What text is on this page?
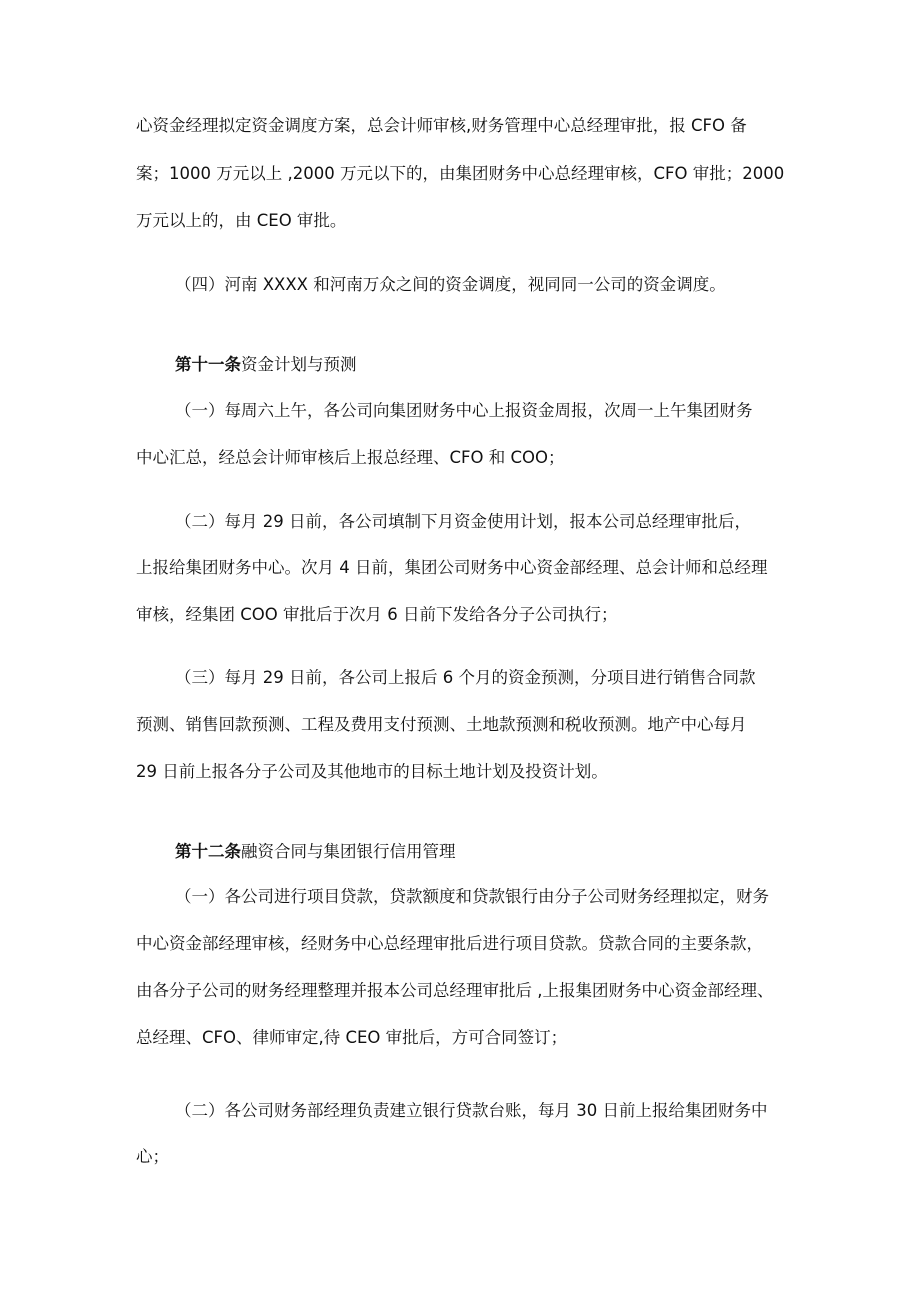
心资金经理拟定资金调度方案，总会计师审核,财务管理中心总经理审批，报 CFO 备

案；1000 万元以上 ,2000 万元以下的，由集团财务中心总经理审核，CFO 审批；2000

万元以上的，由 CEO 审批。

（四）河南 XXXX 和河南万众之间的资金调度，视同同一公司的资金调度。

第十一条资金计划与预测

（一）每周六上午，各公司向集团财务中心上报资金周报，次周一上午集团财务

中心汇总，经总会计师审核后上报总经理、CFO 和 COO；

（二）每月 29 日前，各公司填制下月资金使用计划，报本公司总经理审批后，

上报给集团财务中心。次月 4 日前，集团公司财务中心资金部经理、总会计师和总经理

审核，经集团 COO 审批后于次月 6 日前下发给各分子公司执行；

（三）每月 29 日前，各公司上报后 6 个月的资金预测，分项目进行销售合同款

预测、销售回款预测、工程及费用支付预测、土地款预测和税收预测。地产中心每月

29 日前上报各分子公司及其他地市的目标土地计划及投资计划。

第十二条融资合同与集团银行信用管理

（一）各公司进行项目贷款，贷款额度和贷款银行由分子公司财务经理拟定，财务

中心资金部经理审核，经财务中心总经理审批后进行项目贷款。贷款合同的主要条款，

由各分子公司的财务经理整理并报本公司总经理审批后 ,上报集团财务中心资金部经理、

总经理、CFO、律师审定,待 CEO 审批后，方可合同签订；

（二）各公司财务部经理负责建立银行贷款台账，每月 30 日前上报给集团财务中

心；
